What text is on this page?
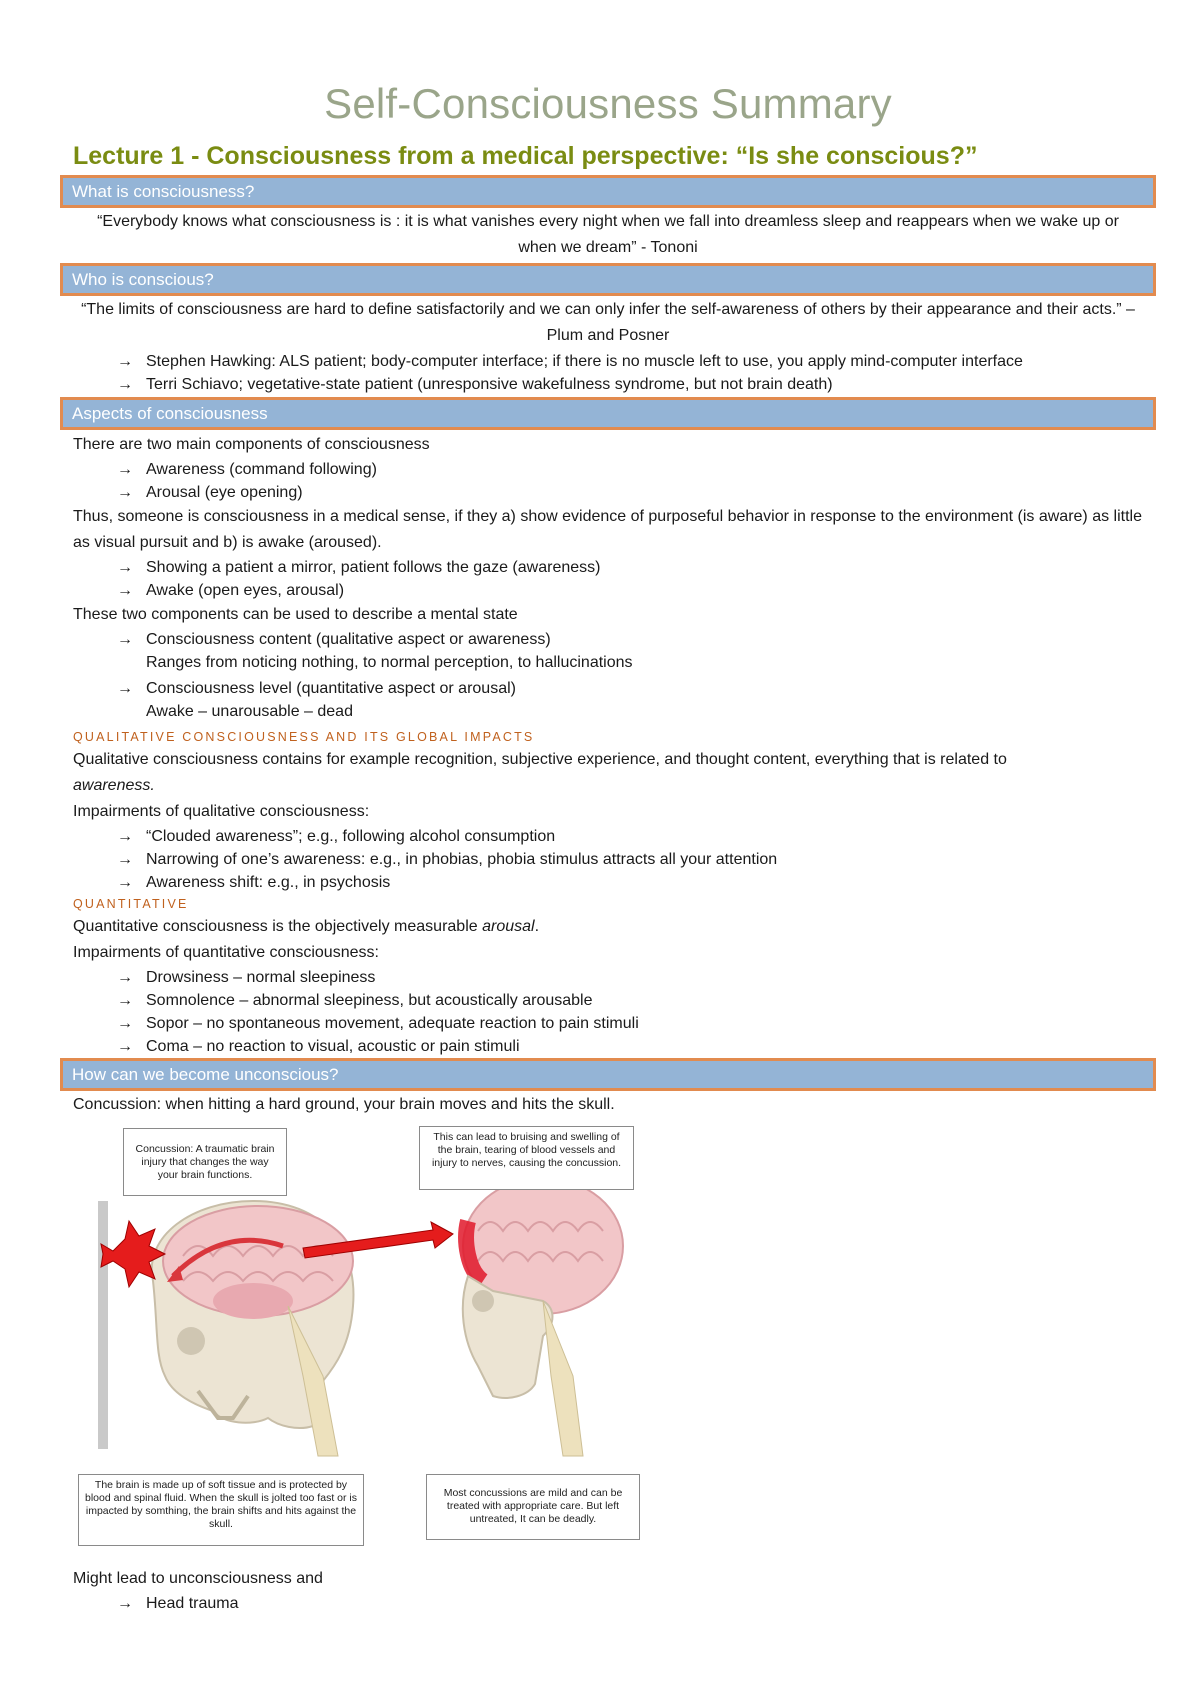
Self-Consciousness Summary
Lecture 1 - Consciousness from a medical perspective: “Is she conscious?”
What is consciousness?
“Everybody knows what consciousness is : it is what vanishes every night when we fall into dreamless sleep and reappears when we wake up or when we dream” - Tononi
Who is conscious?
“The limits of consciousness are hard to define satisfactorily and we can only infer the self-awareness of others by their appearance and their acts.” – Plum and Posner
→ Stephen Hawking: ALS patient; body-computer interface; if there is no muscle left to use, you apply mind-computer interface
→ Terri Schiavo; vegetative-state patient (unresponsive wakefulness syndrome, but not brain death)
Aspects of consciousness
There are two main components of consciousness
→ Awareness (command following)
→ Arousal (eye opening)
Thus, someone is consciousness in a medical sense, if they a) show evidence of purposeful behavior in response to the environment (is aware) as little as visual pursuit and b) is awake (aroused).
→ Showing a patient a mirror, patient follows the gaze (awareness)
→ Awake (open eyes, arousal)
These two components can be used to describe a mental state
→ Consciousness content (qualitative aspect or awareness)
Ranges from noticing nothing, to normal perception, to hallucinations
→ Consciousness level (quantitative aspect or arousal)
Awake – unarousable – dead
QUALITATIVE CONSCIOUSNESS AND ITS GLOBAL IMPACTS
Qualitative consciousness contains for example recognition, subjective experience, and thought content, everything that is related to
awareness.
Impairments of qualitative consciousness:
→ “Clouded awareness”; e.g., following alcohol consumption
→ Narrowing of one’s awareness: e.g., in phobias, phobia stimulus attracts all your attention
→ Awareness shift: e.g., in psychosis
QUANTITATIVE
Quantitative consciousness is the objectively measurable arousal.
Impairments of quantitative consciousness:
→ Drowsiness – normal sleepiness
→ Somnolence – abnormal sleepiness, but acoustically arousable
→ Sopor – no spontaneous movement, adequate reaction to pain stimuli
→ Coma – no reaction to visual, acoustic or pain stimuli
How can we become unconscious?
Concussion: when hitting a hard ground, your brain moves and hits the skull.
Concussion: A traumatic brain injury that changes the way your brain functions.
This can lead to bruising and swelling of the brain, tearing of blood vessels and injury to nerves, causing the concussion.
The brain is made up of soft tissue and is protected by blood and spinal fluid. When the skull is jolted too fast or is impacted by somthing, the brain shifts and hits against the skull.
Most concussions are mild and can be treated with appropriate care. But left untreated, It can be deadly.
Might lead to unconsciousness and
→ Head trauma
